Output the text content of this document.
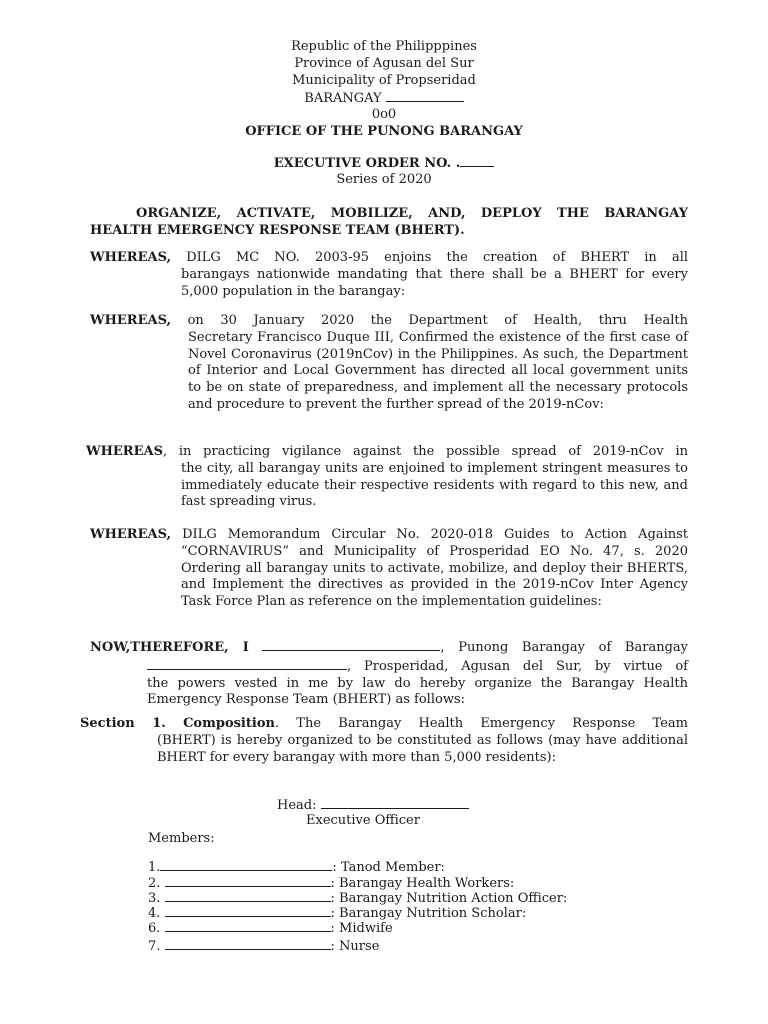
Republic of the Philipppines
Province of Agusan del Sur
Municipality of Propseridad
BARANGAY
0o0
OFFICE OF THE PUNONG BARANGAY
EXECUTIVE ORDER NO. .
Series of 2020
ORGANIZE, ACTIVATE, MOBILIZE, AND, DEPLOY THE BARANGAY HEALTH EMERGENCY RESPONSE TEAM (BHERT).
WHEREAS, DILG MC NO. 2003-95 enjoins the creation of BHERT in all
barangays nationwide mandating that there shall be a BHERT for every 5,000 population in the barangay:
WHEREAS, on 30 January 2020 the Department of Health, thru Health
Secretary Francisco Duque III, Confirmed the existence of the first case of Novel Coronavirus (2019nCov) in the Philippines. As such, the Department of Interior and Local Government has directed all local government units to be on state of preparedness, and implement all the necessary protocols and procedure to prevent the further spread of the 2019-nCov:
WHEREAS, in practicing vigilance against the possible spread of 2019-nCov in
the city, all barangay units are enjoined to implement stringent measures to immediately educate their respective residents with regard to this new, and fast spreading virus.
WHEREAS, DILG Memorandum Circular No. 2020-018 Guides to Action Against
“CORNAVIRUS” and Municipality of Prosperidad EO No. 47, s. 2020 Ordering all barangay units to activate, mobilize, and deploy their BHERTS, and Implement the directives as provided in the 2019-nCov Inter Agency Task Force Plan as reference on the implementation guidelines:
NOW,THEREFORE, I	, Punong Barangay of Barangay
, Prosperidad, Agusan del Sur, by virtue of
the powers vested in me by law do hereby organize the Barangay Health Emergency Response Team (BHERT) as follows:
Section 1. Composition. The Barangay Health Emergency Response Team
(BHERT) is hereby organized to be constituted as follows (may have additional BHERT for every barangay with more than 5,000 residents):
Head:
Executive Officer
Members:
1.	: Tanod Member:
2.	: Barangay Health Workers:
3.	: Barangay Nutrition Action Officer:
4.	: Barangay Nutrition Scholar:
6.	: Midwife
7.	: Nurse
